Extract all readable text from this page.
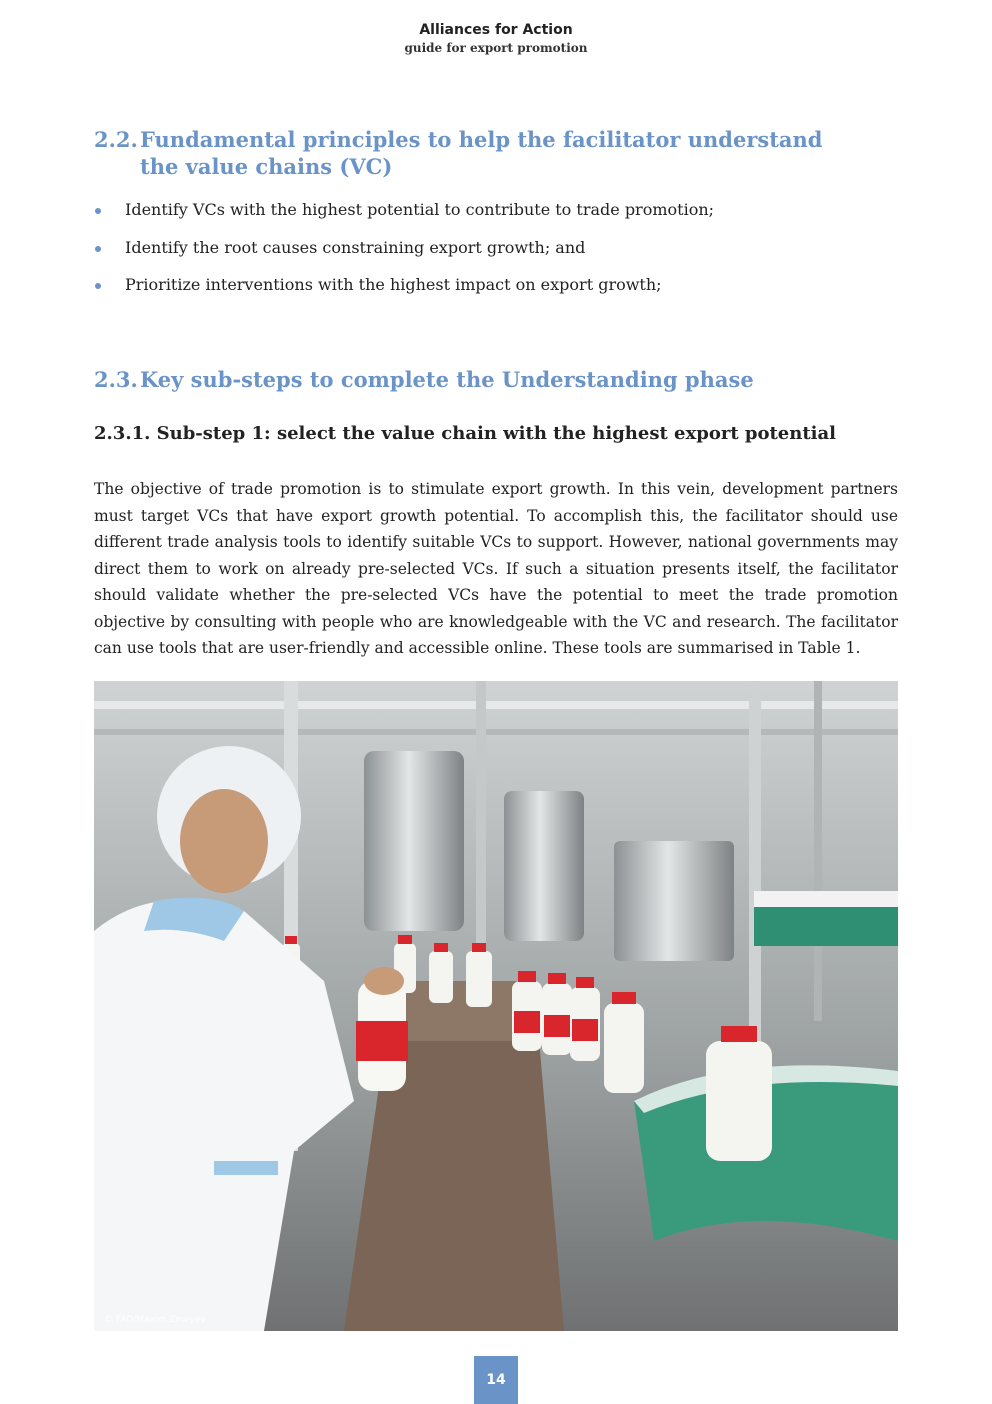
Alliances for Action
guide for export promotion
2.2. Fundamental principles to help the facilitator understand
the value chains (VC)
Identify VCs with the highest potential to contribute to trade promotion;
Identify the root causes constraining export growth; and
Prioritize interventions with the highest impact on export growth;
2.3. Key sub-steps to complete the Understanding phase
2.3.1. Sub-step 1: select the value chain with the highest export potential

The objective of trade promotion is to stimulate export growth. In this vein, development partners must target VCs that have export growth potential. To accomplish this, the facilitator should use different trade analysis tools to identify suitable VCs to support. However, national governments may direct them to work on already pre-selected VCs. If such a situation presents itself, the facilitator should validate whether the pre-selected VCs have the potential to meet the trade promotion objective by consulting with people who are knowledgeable with the VC and research. The facilitator can use tools that are user-friendly and accessible online. These tools are summarised in Table 1.

© FAO/Maxim Zmeyev
14
